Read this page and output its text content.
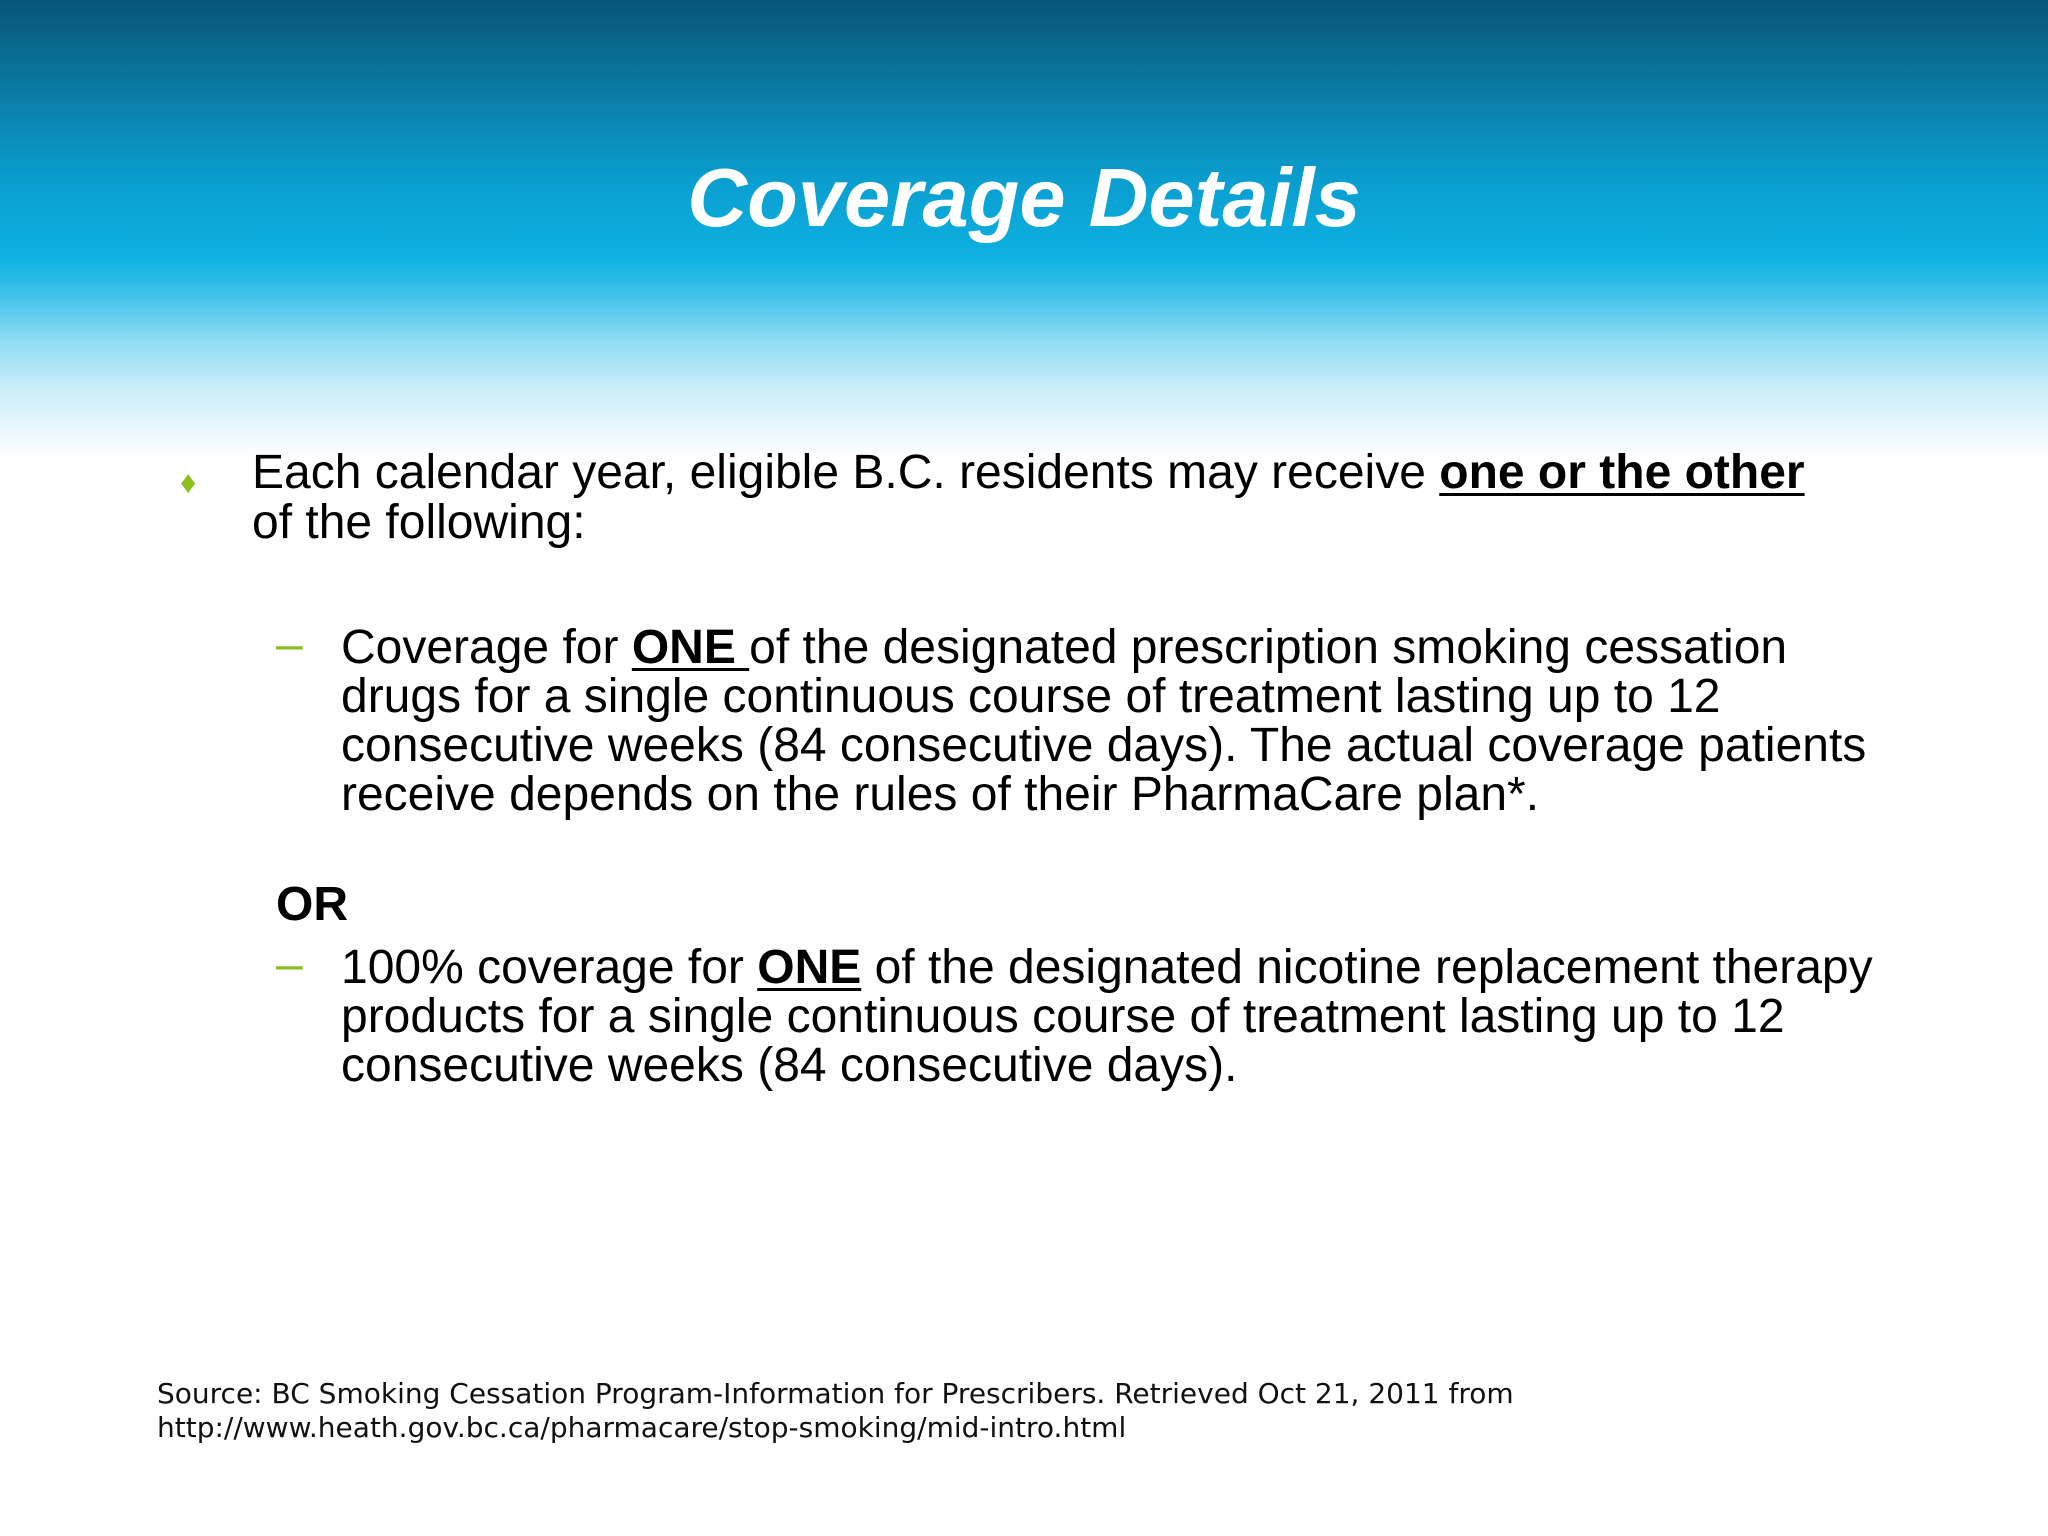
Coverage Details
♦ Each calendar year, eligible B.C. residents may receive one or the other of the following:

– Coverage for ONE of the designated prescription smoking cessation drugs for a single continuous course of treatment lasting up to 12 consecutive weeks (84 consecutive days). The actual coverage patients receive depends on the rules of their PharmaCare plan*.

OR
– 100% coverage for ONE of the designated nicotine replacement therapy products for a single continuous course of treatment lasting up to 12 consecutive weeks (84 consecutive days).

Source: BC Smoking Cessation Program-Information for Prescribers. Retrieved Oct 21, 2011 from
http://www.heath.gov.bc.ca/pharmacare/stop-smoking/mid-intro.html
